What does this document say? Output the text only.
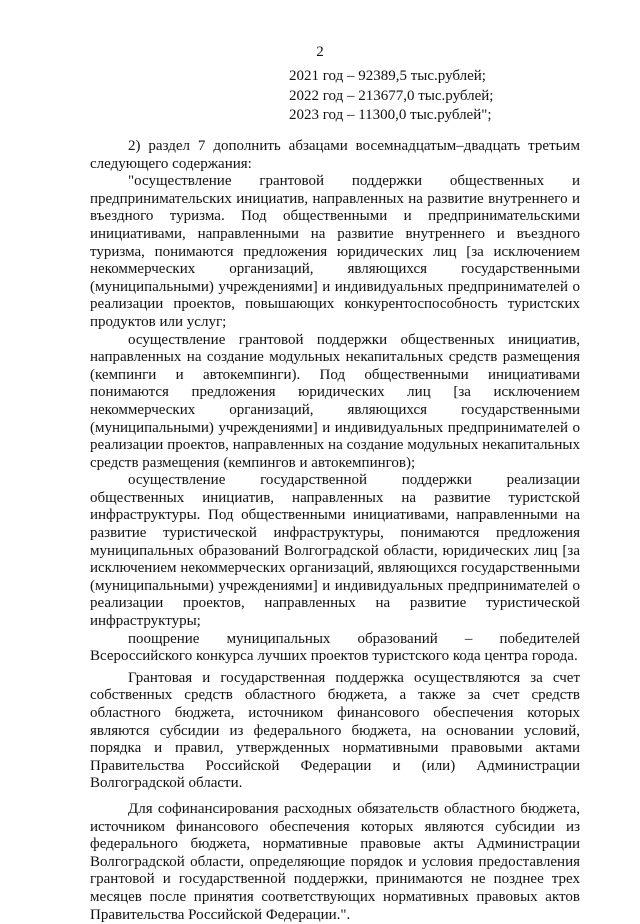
2
2021 год – 92389,5 тыс.рублей;
2022 год – 213677,0 тыс.рублей;
2023 год – 11300,0 тыс.рублей";

2) раздел 7 дополнить абзацами восемнадцатым–двадцать третьим следующего содержания:

"осуществление грантовой поддержки общественных и предпринимательских инициатив, направленных на развитие внутреннего и въездного туризма. Под общественными и предпринимательскими инициативами, направленными на развитие внутреннего и въездного туризма, понимаются предложения юридических лиц [за исключением некоммерческих организаций, являющихся государственными (муниципальными) учреждениями] и индивидуальных предпринимателей о реализации проектов, повышающих конкурентоспособность туристских продуктов или услуг;

осуществление грантовой поддержки общественных инициатив, направленных на создание модульных некапитальных средств размещения (кемпинги и автокемпинги). Под общественными инициативами понимаются предложения юридических лиц [за исключением некоммерческих организаций, являющихся государственными (муниципальными) учреждениями] и индивидуальных предпринимателей о реализации проектов, направленных на создание модульных некапитальных средств размещения (кемпингов и автокемпингов);

осуществление государственной поддержки реализации общественных инициатив, направленных на развитие туристской инфраструктуры. Под общественными инициативами, направленными на развитие туристической инфраструктуры, понимаются предложения муниципальных образований Волгоградской области, юридических лиц [за исключением некоммерческих организаций, являющихся государственными (муниципальными) учреждениями] и индивидуальных предпринимателей о реализации проектов, направленных на развитие туристической инфраструктуры;

поощрение муниципальных образований – победителей Всероссийского конкурса лучших проектов туристского кода центра города.

Грантовая и государственная поддержка осуществляются за счет собственных средств областного бюджета, а также за счет средств областного бюджета, источником финансового обеспечения которых являются субсидии из федерального бюджета, на основании условий, порядка и правил, утвержденных нормативными правовыми актами Правительства Российской Федерации и (или) Администрации Волгоградской области.

Для софинансирования расходных обязательств областного бюджета, источником финансового обеспечения которых являются субсидии из федерального бюджета, нормативные правовые акты Администрации Волгоградской области, определяющие порядок и условия предоставления грантовой и государственной поддержки, принимаются не позднее трех месяцев после принятия соответствующих нормативных правовых актов Правительства Российской Федерации.".
